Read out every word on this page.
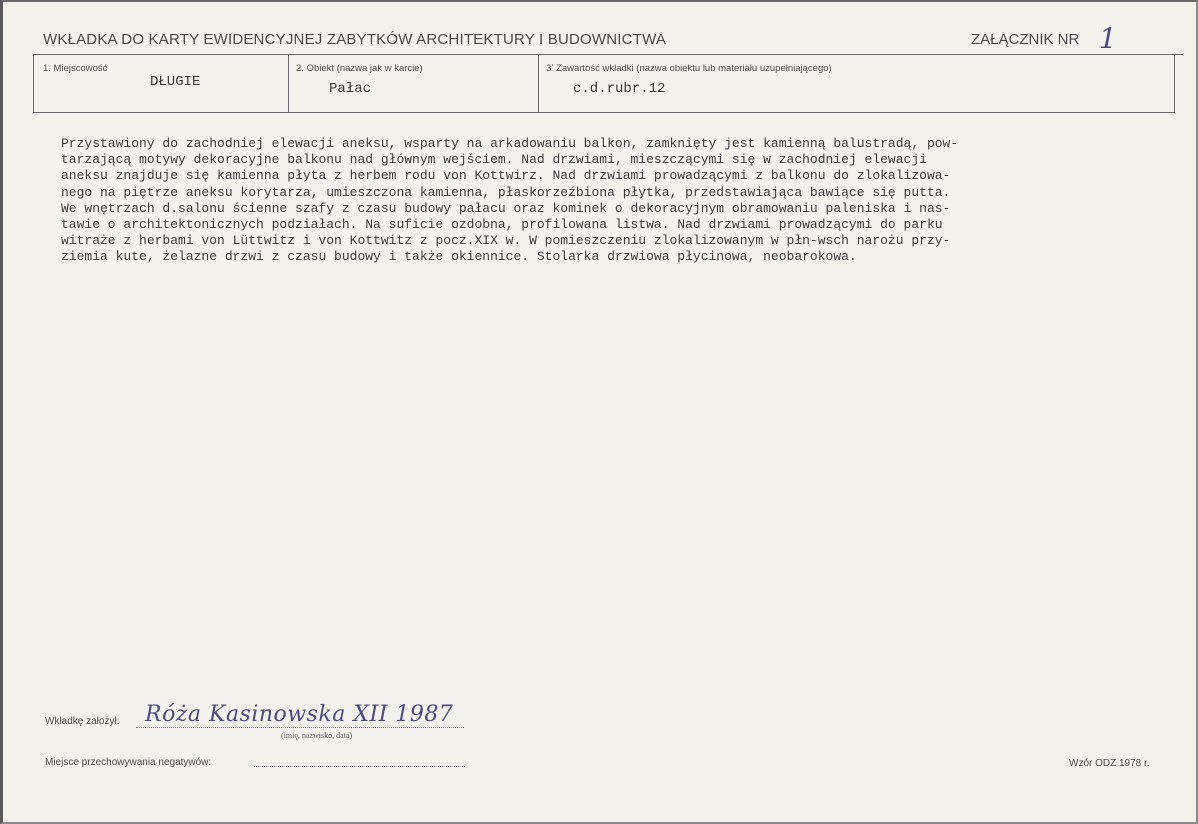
WKŁADKA DO KARTY EWIDENCYJNEJ ZABYTKÓW ARCHITEKTURY I BUDOWNICTWA	ZAŁĄCZNIK NR 1
1. Miejscowość
DŁUGIE
2. Obiekt (nazwa jak w karcie)
Pałac
3ʼ Zawartość wkładki (nazwa obiektu lub materiału uzupełniającego)
c.d.rubr.12
Przystawiony do zachodniej elewacji aneksu, wsparty na arkadowaniu balkon, zamknięty jest kamienną balustradą, pow-
tarzającą motywy dekoracyjne balkonu nad głównym wejściem. Nad drzwiami, mieszczącymi się w zachodniej elewacji
aneksu znajduje się kamienna płyta z herbem rodu von Kottwirz. Nad drzwiami prowadzącymi z balkonu do zlokalizowa-
nego na piętrze aneksu korytarza, umieszczona kamienna, płaskorzeźbiona płytka, przedstawiająca bawiące się putta.
We wnętrzach d.salonu ścienne szafy z czasu budowy pałacu oraz kominek o dekoracyjnym obramowaniu paleniska i nas-
tawie o architektonicznych podziałach. Na suficie ozdobna, profilowana listwa. Nad drzwiami prowadzącymi do parku
witraże z herbami von Lüttwitz i von Kottwitz z pocz.XIX w. W pomieszczeniu zlokalizowanym w płn-wsch narożu przy-
ziemia kute, żelazne drzwi z czasu budowy i także okiennice. Stolarka drzwiowa płycinowa, neobarokowa.
Wkładkę założył: Róża Kasinowska XII 1987
(imię, nazwisko, data)
Miejsce przechowywania negatywów:	Wzór ODZ 1978 r.
